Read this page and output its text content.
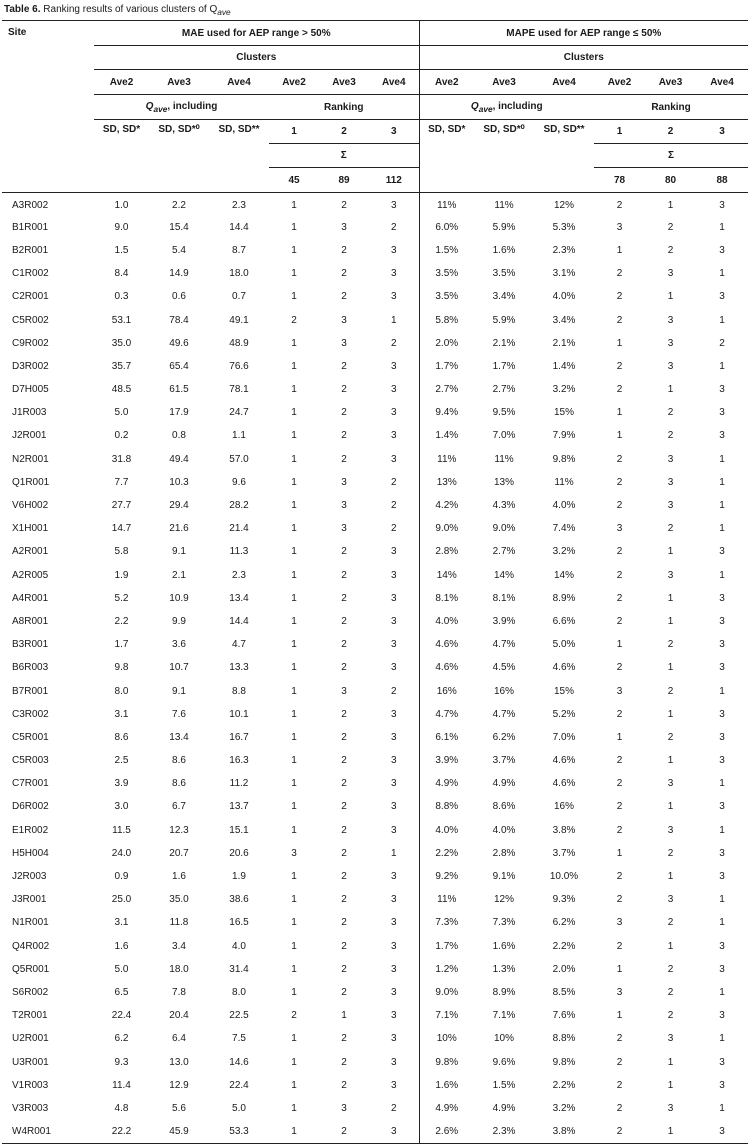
Table 6. Ranking results of various clusters of $Q_{ave}$
Site	MAE used for AEP range > 50%						MAPE used for AEP range ≤ 50%					
	Clusters						Clusters					
	Ave2	Ave3	Ave4	Ave2	Ave3	Ave4	Ave2	Ave3	Ave4	Ave2	Ave3	Ave4
	$Q_{ave}$, including			Ranking			$Q_{ave}$, including			Ranking		
	SD, SD*	SD, SD*⁰	SD, SD**	1	2	3	SD, SD*	SD, SD*⁰	SD, SD**	1	2	3
				Σ						Σ		
				45	89	112				78	80	88
A3R002	1.0	2.2	2.3	1	2	3	11%	11%	12%	2	1	3
B1R001	9.0	15.4	14.4	1	3	2	6.0%	5.9%	5.3%	3	2	1
B2R001	1.5	5.4	8.7	1	2	3	1.5%	1.6%	2.3%	1	2	3
C1R002	8.4	14.9	18.0	1	2	3	3.5%	3.5%	3.1%	2	3	1
C2R001	0.3	0.6	0.7	1	2	3	3.5%	3.4%	4.0%	2	1	3
C5R002	53.1	78.4	49.1	2	3	1	5.8%	5.9%	3.4%	2	3	1
C9R002	35.0	49.6	48.9	1	3	2	2.0%	2.1%	2.1%	1	3	2
D3R002	35.7	65.4	76.6	1	2	3	1.7%	1.7%	1.4%	2	3	1
D7H005	48.5	61.5	78.1	1	2	3	2.7%	2.7%	3.2%	2	1	3
J1R003	5.0	17.9	24.7	1	2	3	9.4%	9.5%	15%	1	2	3
J2R001	0.2	0.8	1.1	1	2	3	1.4%	7.0%	7.9%	1	2	3
N2R001	31.8	49.4	57.0	1	2	3	11%	11%	9.8%	2	3	1
Q1R001	7.7	10.3	9.6	1	3	2	13%	13%	11%	2	3	1
V6H002	27.7	29.4	28.2	1	3	2	4.2%	4.3%	4.0%	2	3	1
X1H001	14.7	21.6	21.4	1	3	2	9.0%	9.0%	7.4%	3	2	1
A2R001	5.8	9.1	11.3	1	2	3	2.8%	2.7%	3.2%	2	1	3
A2R005	1.9	2.1	2.3	1	2	3	14%	14%	14%	2	3	1
A4R001	5.2	10.9	13.4	1	2	3	8.1%	8.1%	8.9%	2	1	3
A8R001	2.2	9.9	14.4	1	2	3	4.0%	3.9%	6.6%	2	1	3
B3R001	1.7	3.6	4.7	1	2	3	4.6%	4.7%	5.0%	1	2	3
B6R003	9.8	10.7	13.3	1	2	3	4.6%	4.5%	4.6%	2	1	3
B7R001	8.0	9.1	8.8	1	3	2	16%	16%	15%	3	2	1
C3R002	3.1	7.6	10.1	1	2	3	4.7%	4.7%	5.2%	2	1	3
C5R001	8.6	13.4	16.7	1	2	3	6.1%	6.2%	7.0%	1	2	3
C5R003	2.5	8.6	16.3	1	2	3	3.9%	3.7%	4.6%	2	1	3
C7R001	3.9	8.6	11.2	1	2	3	4.9%	4.9%	4.6%	2	3	1
D6R002	3.0	6.7	13.7	1	2	3	8.8%	8.6%	16%	2	1	3
E1R002	11.5	12.3	15.1	1	2	3	4.0%	4.0%	3.8%	2	3	1
H5H004	24.0	20.7	20.6	3	2	1	2.2%	2.8%	3.7%	1	2	3
J2R003	0.9	1.6	1.9	1	2	3	9.2%	9.1%	10.0%	2	1	3
J3R001	25.0	35.0	38.6	1	2	3	11%	12%	9.3%	2	3	1
N1R001	3.1	11.8	16.5	1	2	3	7.3%	7.3%	6.2%	3	2	1
Q4R002	1.6	3.4	4.0	1	2	3	1.7%	1.6%	2.2%	2	1	3
Q5R001	5.0	18.0	31.4	1	2	3	1.2%	1.3%	2.0%	1	2	3
S6R002	6.5	7.8	8.0	1	2	3	9.0%	8.9%	8.5%	3	2	1
T2R001	22.4	20.4	22.5	2	1	3	7.1%	7.1%	7.6%	1	2	3
U2R001	6.2	6.4	7.5	1	2	3	10%	10%	8.8%	2	3	1
U3R001	9.3	13.0	14.6	1	2	3	9.8%	9.6%	9.8%	2	1	3
V1R003	11.4	12.9	22.4	1	2	3	1.6%	1.5%	2.2%	2	1	3
V3R003	4.8	5.6	5.0	1	3	2	4.9%	4.9%	3.2%	2	3	1
W4R001	22.2	45.9	53.3	1	2	3	2.6%	2.3%	3.8%	2	1	3
